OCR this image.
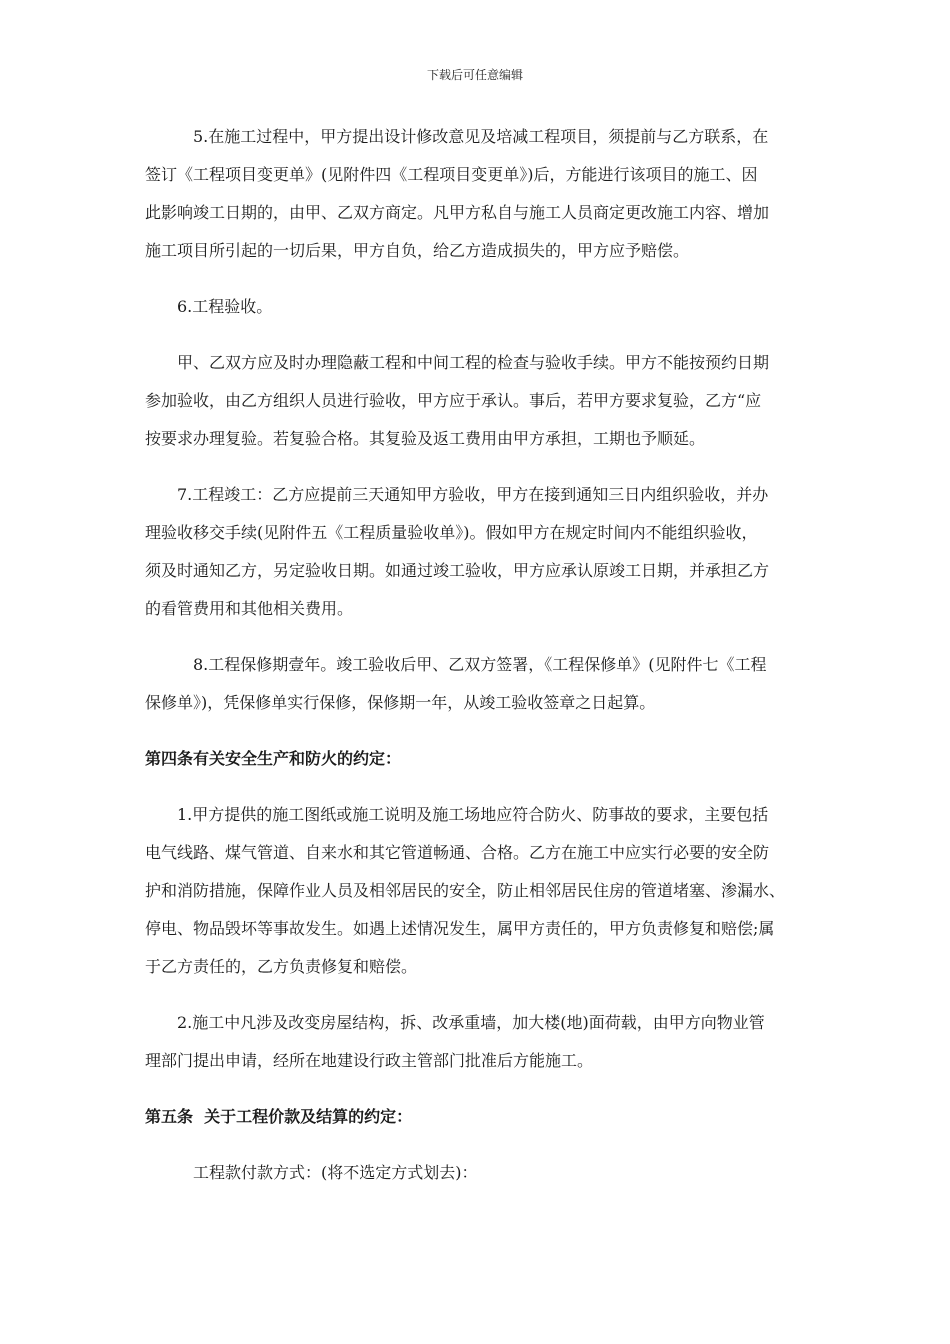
下载后可任意编辑
5.在施工过程中，甲方提出设计修改意见及培减工程项目，须提前与乙方联系，在
签订《工程项目变更单》(见附件四《工程项目变更单》)后，方能进行该项目的施工、因
此影响竣工日期的，由甲、乙双方商定。凡甲方私自与施工人员商定更改施工内容、增加
施工项目所引起的一切后果，甲方自负，给乙方造成损失的，甲方应予赔偿。
6.工程验收。
甲、乙双方应及时办理隐蔽工程和中间工程的检查与验收手续。甲方不能按预约日期
参加验收，由乙方组织人员进行验收，甲方应于承认。事后，若甲方要求复验，乙方“应
按要求办理复验。若复验合格。其复验及返工费用由甲方承担，工期也予顺延。
7.工程竣工：乙方应提前三天通知甲方验收，甲方在接到通知三日内组织验收，并办
理验收移交手续(见附件五《工程质量验收单》)。假如甲方在规定时间内不能组织验收，
须及时通知乙方，另定验收日期。如通过竣工验收，甲方应承认原竣工日期，并承担乙方
的看管费用和其他相关费用。
8.工程保修期壹年。竣工验收后甲、乙双方签署，《工程保修单》(见附件七《工程
保修单》)，凭保修单实行保修，保修期一年，从竣工验收签章之日起算。
第四条有关安全生产和防火的约定：
1.甲方提供的施工图纸或施工说明及施工场地应符合防火、防事故的要求，主要包括
电气线路、煤气管道、自来水和其它管道畅通、合格。乙方在施工中应实行必要的安全防
护和消防措施，保障作业人员及相邻居民的安全，防止相邻居民住房的管道堵塞、渗漏水、
停电、物品毁坏等事故发生。如遇上述情况发生，属甲方责任的，甲方负责修复和赔偿;属
于乙方责任的，乙方负责修复和赔偿。
2.施工中凡涉及改变房屋结构，拆、改承重墙，加大楼(地)面荷载，由甲方向物业管
理部门提出申请，经所在地建设行政主管部门批准后方能施工。
第五条  关于工程价款及结算的约定：
工程款付款方式：(将不选定方式划去)：
